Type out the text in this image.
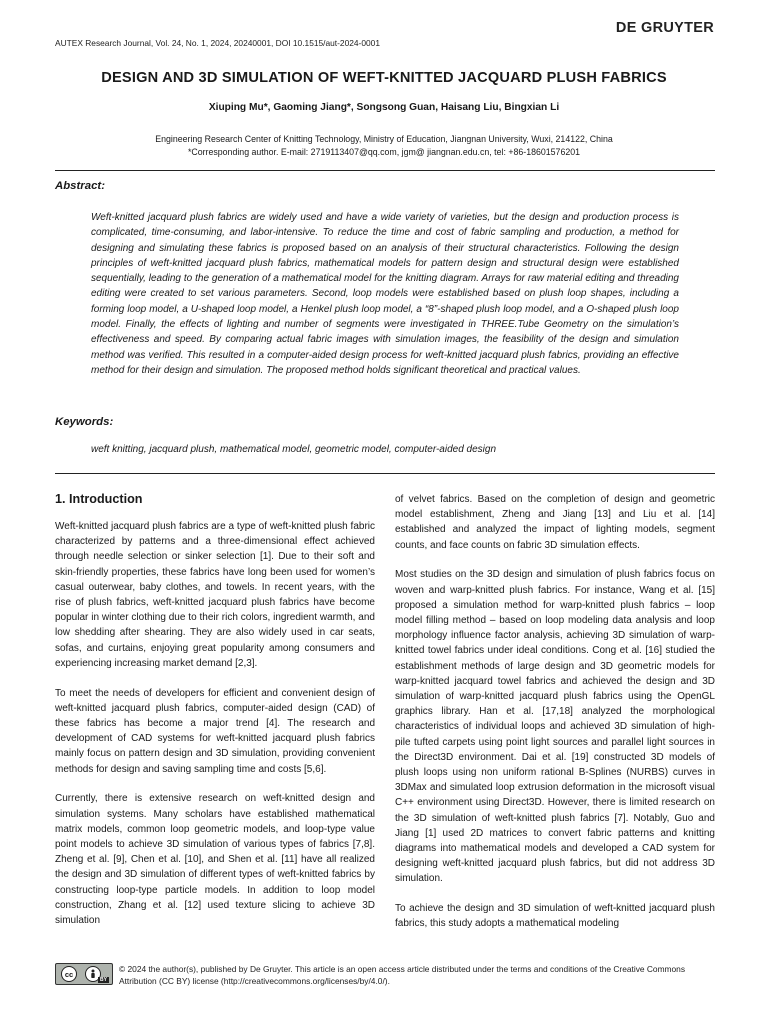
DE GRUYTER
AUTEX Research Journal, Vol. 24, No. 1, 2024, 20240001, DOI 10.1515/aut-2024-0001
DESIGN AND 3D SIMULATION OF WEFT-KNITTED JACQUARD PLUSH FABRICS
Xiuping Mu*, Gaoming Jiang*, Songsong Guan, Haisang Liu, Bingxian Li
Engineering Research Center of Knitting Technology, Ministry of Education, Jiangnan University, Wuxi, 214122, China
*Corresponding author. E-mail: 2719113407@qq.com, jgm@ jiangnan.edu.cn, tel: +86-18601576201
Abstract:
Weft-knitted jacquard plush fabrics are widely used and have a wide variety of varieties, but the design and production process is complicated, time-consuming, and labor-intensive. To reduce the time and cost of fabric sampling and production, a method for designing and simulating these fabrics is proposed based on an analysis of their structural characteristics. Following the design principles of weft-knitted jacquard plush fabrics, mathematical models for pattern design and structural design were established sequentially, leading to the generation of a mathematical model for the knitting diagram. Arrays for raw material editing and threading editing were created to set various parameters. Second, loop models were established based on plush loop shapes, including a forming loop model, a U-shaped loop model, a Henkel plush loop model, a “8”-shaped plush loop model, and a O-shaped plush loop model. Finally, the effects of lighting and number of segments were investigated in THREE.Tube Geometry on the simulation’s effectiveness and speed. By comparing actual fabric images with simulation images, the feasibility of the design and simulation method was verified. This resulted in a computer-aided design process for weft-knitted jacquard plush fabrics, providing an effective method for their design and simulation. The proposed method holds significant theoretical and practical values.
Keywords:
weft knitting, jacquard plush, mathematical model, geometric model, computer-aided design
1. Introduction

Weft-knitted jacquard plush fabrics are a type of weft-knitted plush fabric characterized by patterns and a three-dimensional effect achieved through needle selection or sinker selection [1]. Due to their soft and skin-friendly properties, these fabrics have long been used for women’s casual outerwear, baby clothes, and towels. In recent years, with the rise of plush fabrics, weft-knitted jacquard plush fabrics have become popular in winter clothing due to their rich colors, ingredient warmth, and low shedding after shearing. They are also widely used in car seats, sofas, and curtains, enjoying great popularity among consumers and experiencing increasing market demand [2,3].

To meet the needs of developers for efficient and convenient design of weft-knitted jacquard plush fabrics, computer-aided design (CAD) of these fabrics has become a major trend [4]. The research and development of CAD systems for weft-knitted jacquard plush fabrics mainly focus on pattern design and 3D simulation, providing convenient methods for design and saving sampling time and costs [5,6].

Currently, there is extensive research on weft-knitted design and simulation systems. Many scholars have established mathematical matrix models, common loop geometric models, and loop-type value point models to achieve 3D simulation of various types of fabrics [7,8]. Zheng et al. [9], Chen et al. [10], and Shen et al. [11] have all realized the design and 3D simulation of different types of weft-knitted fabrics by constructing loop-type particle models. In addition to loop model construction, Zhang et al. [12] used texture slicing to achieve 3D simulation

of velvet fabrics. Based on the completion of design and geometric model establishment, Zheng and Jiang [13] and Liu et al. [14] established and analyzed the impact of lighting models, segment counts, and face counts on fabric 3D simulation effects.

Most studies on the 3D design and simulation of plush fabrics focus on woven and warp-knitted plush fabrics. For instance, Wang et al. [15] proposed a simulation method for warp-knitted plush fabrics – loop model filling method – based on loop modeling data analysis and loop morphology influence factor analysis, achieving 3D simulation of warp-knitted towel fabrics under ideal conditions. Cong et al. [16] studied the establishment methods of large design and 3D geometric models for warp-knitted jacquard towel fabrics and achieved the design and 3D simulation of warp-knitted jacquard plush fabrics using the OpenGL graphics library. Han et al. [17,18] analyzed the morphological characteristics of individual loops and achieved 3D simulation of high-pile tufted carpets using point light sources and parallel light sources in the Direct3D environment. Dai et al. [19] constructed 3D models of plush loops using non uniform rational B-Splines (NURBS) curves in 3DMax and simulated loop extrusion deformation in the microsoft visual C++ environment using Direct3D. However, there is limited research on the 3D simulation of weft-knitted plush fabrics [7]. Notably, Guo and Jiang [1] used 2D matrices to convert fabric patterns and knitting diagrams into mathematical models and developed a CAD system for designing weft-knitted jacquard plush fabrics, but did not address 3D simulation.

To achieve the design and 3D simulation of weft-knitted jacquard plush fabrics, this study adopts a mathematical modeling

cc
BY
© 2024 the author(s), published by De Gruyter. This article is an open access article distributed under the terms and conditions of the Creative Commons Attribution (CC BY) license (http://creativecommons.org/licenses/by/4.0/).
